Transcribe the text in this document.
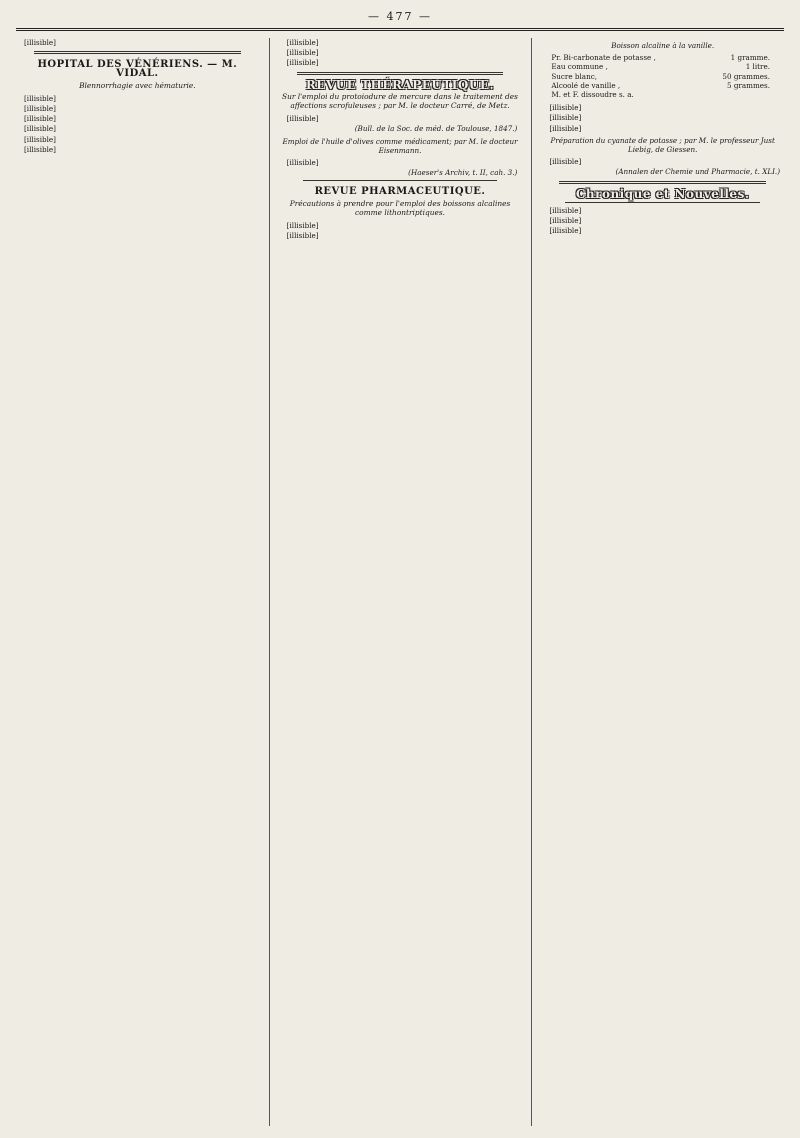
— 477 —

[illisible]

HOPITAL DES VÉNÉRIENS. — M. VIDAL.
Blennorrhagie avec hématurie.

[illisible]

[illisible]

[illisible]

[illisible]

[illisible]

[illisible]

[illisible]

[illisible]

[illisible]

REVUE THÉRAPEUTIQUE.
Sur l'emploi du protoiodure de mercure dans le traitement des affections scrofuleuses ; par M. le docteur Carré, de Metz.

[illisible]

(Bull. de la Soc. de méd. de Toulouse, 1847.)
Emploi de l'huile d'olives comme médicament; par M. le docteur Eisenmann.

[illisible]

(Haeser's Archiv, t. II, cah. 3.)
REVUE PHARMACEUTIQUE.
Précautions à prendre pour l'emploi des boissons alcalines comme lithontriptiques.

[illisible]

[illisible]

Boisson alcaline à la vanille.
Pr. Bi-carbonate de potasse ,	1 gramme.
Eau commune ,	1 litre.
Sucre blanc,	50 grammes.
Alcoolé de vanille ,	5 grammes.
M. et F. dissoudre s. a.

[illisible]

[illisible]

[illisible]

Préparation du cyanate de potasse ; par M. le professeur Just Liebig, de Giessen.

[illisible]

(Annalen der Chemie und Pharmacie, t. XLI.)
Chronique et Nouvelles.

[illisible]

[illisible]

[illisible]
